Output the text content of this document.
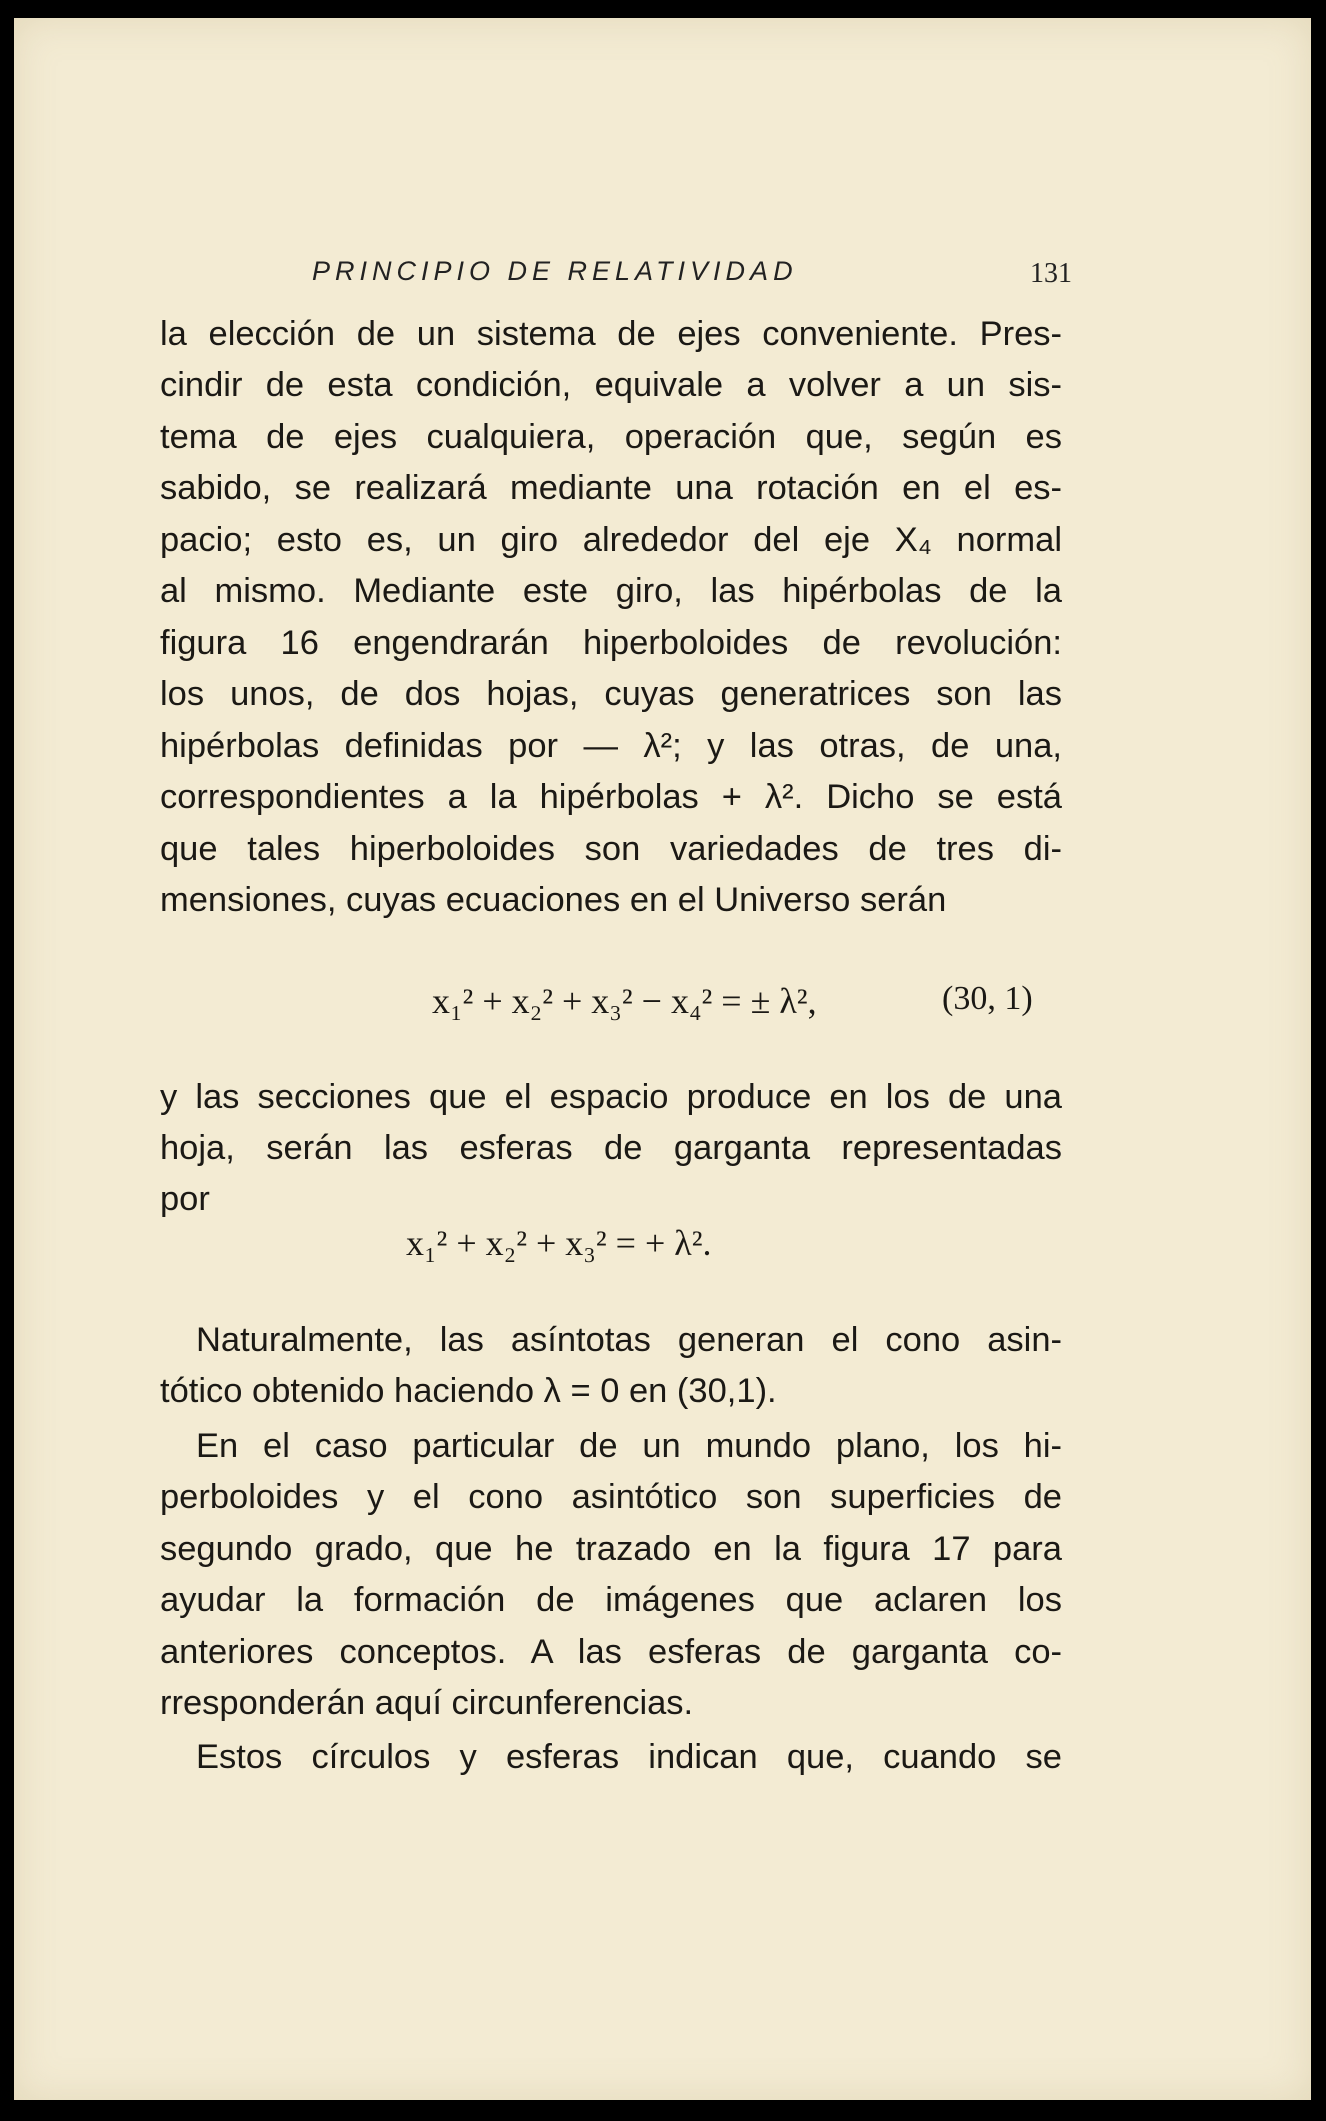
PRINCIPIO DE RELATIVIDAD	131
la elección de un sistema de ejes conveniente. Pres-
cindir de esta condición, equivale a volver a un sis-
tema de ejes cualquiera, operación que, según es
sabido, se realizará mediante una rotación en el es-
pacio; esto es, un giro alrededor del eje X₄ normal
al mismo. Mediante este giro, las hipérbolas de la
figura 16 engendrarán hiperboloides de revolución:
los unos, de dos hojas, cuyas generatrices son las
hipérbolas definidas por — λ²; y las otras, de una,
correspondientes a la hipérbolas + λ². Dicho se está
que tales hiperboloides son variedades de tres di-
mensiones, cuyas ecuaciones en el Universo serán
x₁² + x₂² + x₃² − x₄² = ± λ²,	(30, 1)
y las secciones que el espacio produce en los de una
hoja, serán las esferas de garganta representadas
por
x₁² + x₂² + x₃² = + λ².
Naturalmente, las asíntotas generan el cono asin-
tótico obtenido haciendo λ = 0 en (30,1).
En el caso particular de un mundo plano, los hi-
perboloides y el cono asintótico son superficies de
segundo grado, que he trazado en la figura 17 para
ayudar la formación de imágenes que aclaren los
anteriores conceptos. A las esferas de garganta co-
rresponderán aquí circunferencias.
Estos círculos y esferas indican que, cuando se
